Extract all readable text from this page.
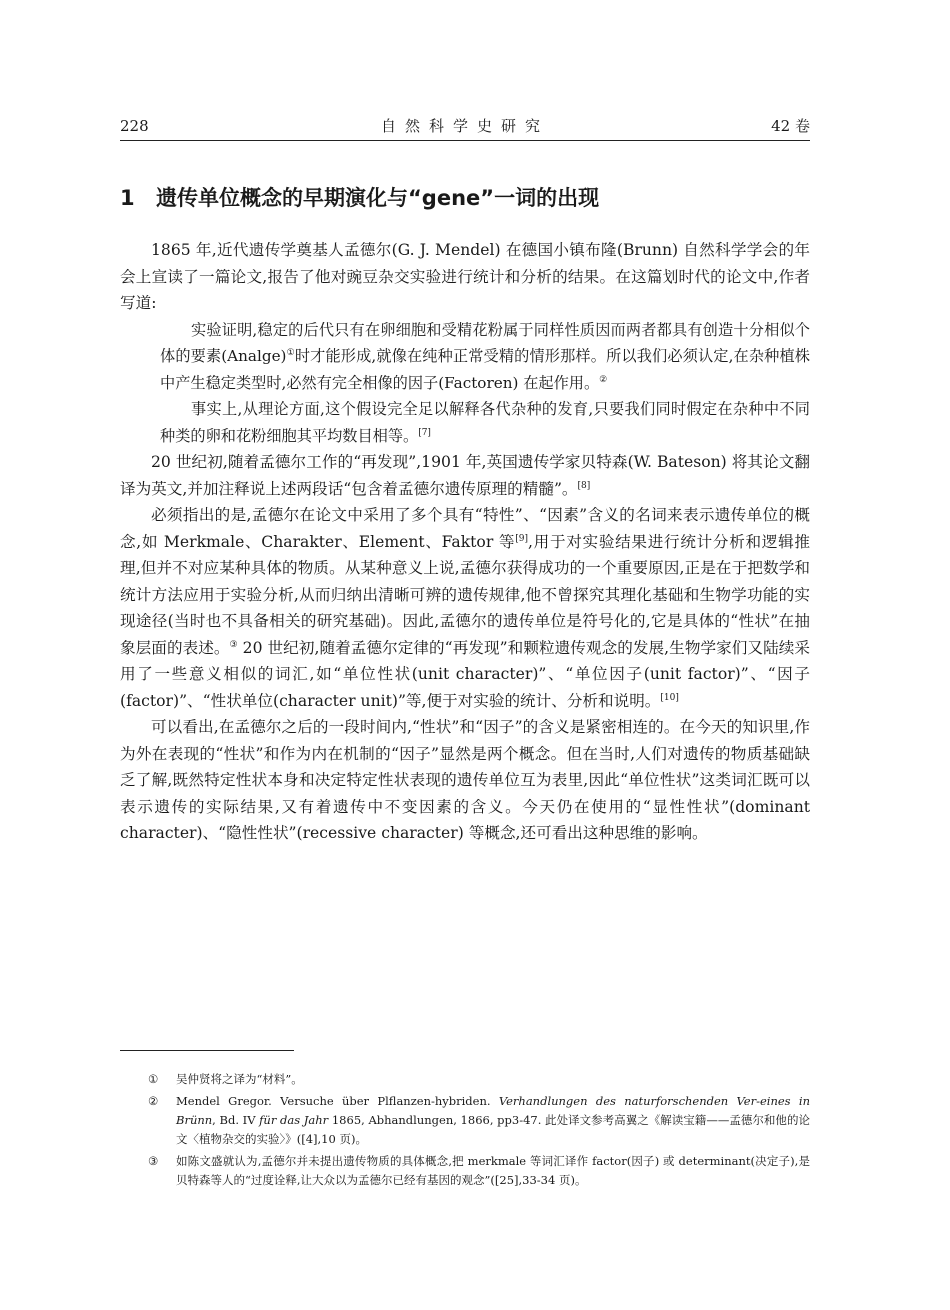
228	自然科学史研究	42 卷
1 遗传单位概念的早期演化与“gene”一词的出现

1865 年,近代遗传学奠基人孟德尔(G. J. Mendel) 在德国小镇布隆(Brunn) 自然科学学会的年会上宣读了一篇论文,报告了他对豌豆杂交实验进行统计和分析的结果。在这篇划时代的论文中,作者写道:

实验证明,稳定的后代只有在卵细胞和受精花粉属于同样性质因而两者都具有创造十分相似个体的要素(Analge)①时才能形成,就像在纯种正常受精的情形那样。所以我们必须认定,在杂种植株中产生稳定类型时,必然有完全相像的因子(Factoren) 在起作用。②

事实上,从理论方面,这个假设完全足以解释各代杂种的发育,只要我们同时假定在杂种中不同种类的卵和花粉细胞其平均数目相等。[7]

20 世纪初,随着孟德尔工作的“再发现”,1901 年,英国遗传学家贝特森(W. Bateson) 将其论文翻译为英文,并加注释说上述两段话“包含着孟德尔遗传原理的精髓”。[8]

必须指出的是,孟德尔在论文中采用了多个具有“特性”、“因素”含义的名词来表示遗传单位的概念,如 Merkmale、Charakter、Element、Faktor 等[9],用于对实验结果进行统计分析和逻辑推理,但并不对应某种具体的物质。从某种意义上说,孟德尔获得成功的一个重要原因,正是在于把数学和统计方法应用于实验分析,从而归纳出清晰可辨的遗传规律,他不曾探究其理化基础和生物学功能的实现途径(当时也不具备相关的研究基础)。因此,孟德尔的遗传单位是符号化的,它是具体的“性状”在抽象层面的表述。③ 20 世纪初,随着孟德尔定律的“再发现”和颗粒遗传观念的发展,生物学家们又陆续采用了一些意义相似的词汇,如“单位性状(unit character)”、“单位因子(unit factor)”、“因子(factor)”、“性状单位(character unit)”等,便于对实验的统计、分析和说明。[10]

可以看出,在孟德尔之后的一段时间内,“性状”和“因子”的含义是紧密相连的。在今天的知识里,作为外在表现的“性状”和作为内在机制的“因子”显然是两个概念。但在当时,人们对遗传的物质基础缺乏了解,既然特定性状本身和决定特定性状表现的遗传单位互为表里,因此“单位性状”这类词汇既可以表示遗传的实际结果,又有着遗传中不变因素的含义。今天仍在使用的“显性性状”(dominant character)、“隐性性状”(recessive character) 等概念,还可看出这种思维的影响。

①	吴仲贤将之译为“材料”。
②	Mendel Gregor. Versuche über Plflanzen-hybriden. Verhandlungen des naturforschenden Ver-eines in Brünn, Bd. IV für das Jahr 1865, Abhandlungen, 1866, pp3-47. 此处译文参考高翼之《解读宝籍——孟德尔和他的论文〈植物杂交的实验〉》([4],10 页)。
③	如陈文盛就认为,孟德尔并未提出遗传物质的具体概念,把 merkmale 等词汇译作 factor(因子) 或 determinant(决定子),是贝特森等人的“过度诠释,让大众以为孟德尔已经有基因的观念”([25],33-34 页)。
